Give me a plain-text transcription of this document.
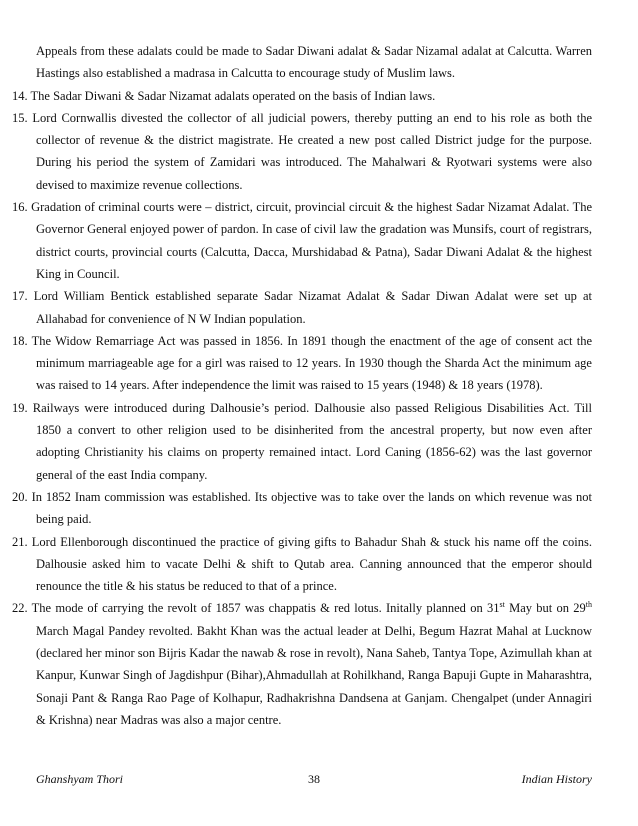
Appeals from these adalats could be made to Sadar Diwani adalat & Sadar Nizamal adalat at Calcutta. Warren Hastings also established a madrasa in Calcutta to encourage study of Muslim laws.

14. The Sadar Diwani & Sadar Nizamat adalats operated on the basis of Indian laws.

15. Lord Cornwallis divested the collector of all judicial powers, thereby putting an end to his role as both the collector of revenue & the district magistrate. He created a new post called District judge for the purpose. During his period the system of Zamidari was introduced. The Mahalwari & Ryotwari systems were also devised to maximize revenue collections.

16. Gradation of criminal courts were – district, circuit, provincial circuit & the highest Sadar Nizamat Adalat. The Governor General enjoyed power of pardon. In case of civil law the gradation was Munsifs, court of registrars, district courts, provincial courts (Calcutta, Dacca, Murshidabad & Patna), Sadar Diwani Adalat & the highest King in Council.

17. Lord William Bentick established separate Sadar Nizamat Adalat & Sadar Diwan Adalat were set up at Allahabad for convenience of N W Indian population.

18. The Widow Remarriage Act was passed in 1856. In 1891 though the enactment of the age of consent act the minimum marriageable age for a girl was raised to 12 years. In 1930 though the Sharda Act the minimum age was raised to 14 years. After independence the limit was raised to 15 years (1948) & 18 years (1978).

19. Railways were introduced during Dalhousie’s period. Dalhousie also passed Religious Disabilities Act. Till 1850 a convert to other religion used to be disinherited from the ancestral property, but now even after adopting Christianity his claims on property remained intact. Lord Caning (1856-62) was the last governor general of the east India company.

20. In 1852 Inam commission was established. Its objective was to take over the lands on which revenue was not being paid.

21. Lord Ellenborough discontinued the practice of giving gifts to Bahadur Shah & stuck his name off the coins. Dalhousie asked him to vacate Delhi & shift to Qutab area. Canning announced that the emperor should renounce the title & his status be reduced to that of a prince.

22. The mode of carrying the revolt of 1857 was chappatis & red lotus. Initally planned on 31st May but on 29th March Magal Pandey revolted. Bakht Khan was the actual leader at Delhi, Begum Hazrat Mahal at Lucknow (declared her minor son Bijris Kadar the nawab & rose in revolt), Nana Saheb, Tantya Tope, Azimullah khan at Kanpur, Kunwar Singh of Jagdishpur (Bihar),Ahmadullah at Rohilkhand, Ranga Bapuji Gupte in Maharashtra, Sonaji Pant & Ranga Rao Page of Kolhapur, Radhakrishna Dandsena at Ganjam. Chengalpet (under Annagiri & Krishna) near Madras was also a major centre.

Ghanshyam Thori	38	Indian History
